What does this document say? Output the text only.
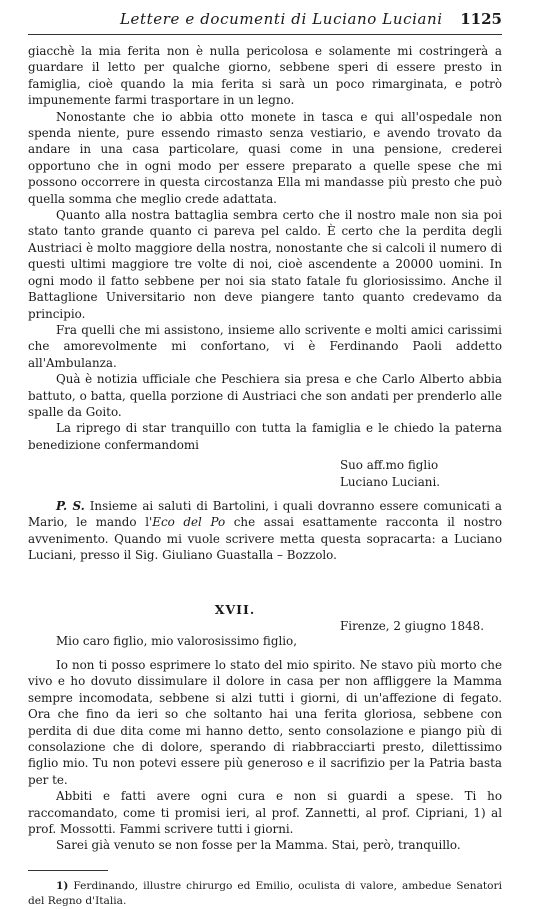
Lettere e documenti di Luciano Luciani 1125

giacchè la mia ferita non è nulla pericolosa e solamente mi costringerà a guardare il letto per qualche giorno, sebbene speri di essere presto in famiglia, cioè quando la mia ferita si sarà un poco rimarginata, e potrò impunemente farmi trasportare in un legno.

Nonostante che io abbia otto monete in tasca e qui all'ospedale non spenda niente, pure essendo rimasto senza vestiario, e avendo trovato da andare in una casa particolare, quasi come in una pensione, crederei opportuno che in ogni modo per essere preparato a quelle spese che mi possono occorrere in questa circostanza Ella mi mandasse più presto che può quella somma che meglio crede adattata.

Quanto alla nostra battaglia sembra certo che il nostro male non sia poi stato tanto grande quanto ci pareva pel caldo. È certo che la perdita degli Austriaci è molto maggiore della nostra, nonostante che si calcoli il numero di questi ultimi maggiore tre volte di noi, cioè ascendente a 20000 uomini. In ogni modo il fatto sebbene per noi sia stato fatale fu gloriosissimo. Anche il Battaglione Universitario non deve piangere tanto quanto credevamo da principio.

Fra quelli che mi assistono, insieme allo scrivente e molti amici carissimi che amorevolmente mi confortano, vi è Ferdinando Paoli addetto all'Ambulanza.

Quà è notizia ufficiale che Peschiera sia presa e che Carlo Alberto abbia battuto, o batta, quella porzione di Austriaci che son andati per prenderlo alle spalle da Goito.

La riprego di star tranquillo con tutta la famiglia e le chiedo la paterna benedizione confermandomi

Suo aff.mo figlio
Luciano Luciani.

P. S. Insieme ai saluti di Bartolini, i quali dovranno essere comunicati a Mario, le mando l'Eco del Po che assai esattamente racconta il nostro avvenimento. Quando mi vuole scrivere metta questa sopracarta: a Luciano Luciani, presso il Sig. Giuliano Guastalla – Bozzolo.

XVII.
Firenze, 2 giugno 1848.

Mio caro figlio, mio valorosissimo figlio,

Io non ti posso esprimere lo stato del mio spirito. Ne stavo più morto che vivo e ho dovuto dissimulare il dolore in casa per non affliggere la Mamma sempre incomodata, sebbene si alzi tutti i giorni, di un'affezione di fegato. Ora che fino da ieri so che soltanto hai una ferita gloriosa, sebbene con perdita di due dita come mi hanno detto, sento consolazione e piango più di consolazione che di dolore, sperando di riabbracciarti presto, dilettissimo figlio mio. Tu non potevi essere più generoso e il sacrifizio per la Patria basta per te.

Abbiti e fatti avere ogni cura e non si guardi a spese. Ti ho raccomandato, come ti promisi ieri, al prof. Zannetti, al prof. Cipriani, 1) al prof. Mossotti. Fammi scrivere tutti i giorni.

Sarei già venuto se non fosse per la Mamma. Stai, però, tranquillo.

1) Ferdinando, illustre chirurgo ed Emilio, oculista di valore, ambedue Senatori del Regno d'Italia.
